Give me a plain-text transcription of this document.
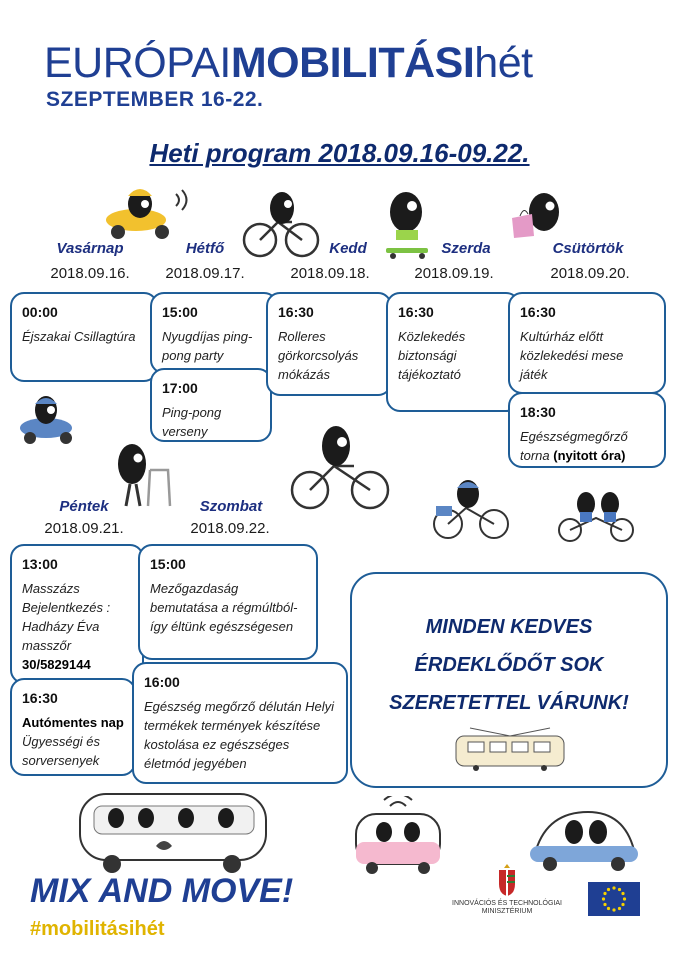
EURÓPAIMOBILITÁSIhét
SZEPTEMBER 16-22.
Heti program 2018.09.16-09.22.
Vasárnap
2018.09.16.
Hétfő
2018.09.17.
Kedd
2018.09.18.
Szerda
2018.09.19.
Csütörtök
2018.09.20.
00:00
Éjszakai Csillagtúra
15:00
Nyugdíjas ping-pong party
17:00
Ping-pong verseny
16:30
Rolleres görkorcsolyás mókázás
16:30
Közlekedés biztonsági tájékoztató
16:30
Kultúrház előtt közlekedési mese játék
18:30
Egészségmegőrző torna (nyitott óra)
Péntek
2018.09.21.
Szombat
2018.09.22.
13:00
Masszázs Bejelentkezés : Hadházy Éva masszőr
30/5829144
15:00
Mezőgazdaság bemutatása a régmúltból- így éltünk egészségesen
16:30
Autómentes nap
Ügyességi és sorversenyek
16:00
Egészség megőrző délután Helyi termékek termények készítése kostolása ez egészséges életmód jegyében
MINDEN KEDVES
ÉRDEKLŐDŐT SOK
SZERETETTEL VÁRUNK!
MIX AND MOVE!
#mobilitásihét
INNOVÁCIÓS ÉS TECHNOLÓGIAI MINISZTÉRIUM
